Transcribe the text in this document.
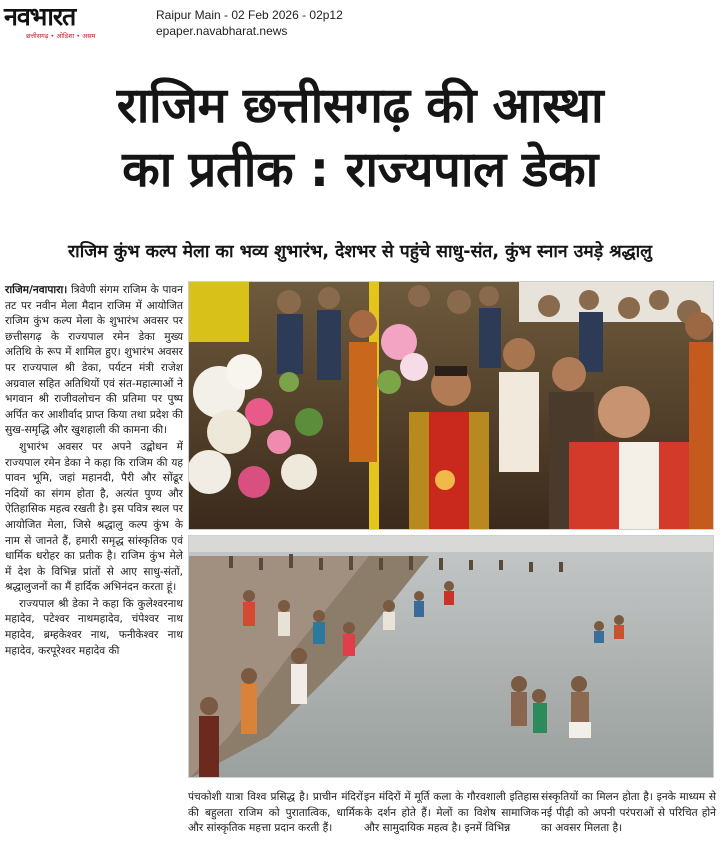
नवभारत
छत्तीसगढ़ • ओडिशा • असम
Raipur Main - 02 Feb 2026 - 02p12
epaper.navabharat.news
राजिम छत्तीसगढ़ की आस्था
का प्रतीक : राज्यपाल डेका
राजिम कुंभ कल्प मेला का भव्य शुभारंभ, देशभर से पहुंचे साधु-संत, कुंभ स्नान उमड़े श्रद्धालु

राजिम/नवापारा। त्रिवेणी संगम राजिम के पावन तट पर नवीन मेला मैदान राजिम में आयोजित राजिम कुंभ कल्प मेला के शुभारंभ अवसर पर छत्तीसगढ़ के राज्यपाल रमेन डेका मुख्य अतिथि के रूप में शामिल हुए। शुभारंभ अवसर पर राज्यपाल श्री डेका, पर्यटन मंत्री राजेश अग्रवाल सहित अतिथियों एवं संत-महात्माओं ने भगवान श्री राजीवलोचन की प्रतिमा पर पुष्प अर्पित कर आशीर्वाद प्राप्त किया तथा प्रदेश की सुख-समृद्धि और खुशहाली की कामना की।

शुभारंभ अवसर पर अपने उद्बोधन में राज्यपाल रमेन डेका ने कहा कि राजिम की यह पावन भूमि, जहां महानदी, पैरी और सोंढूर नदियों का संगम होता है, अत्यंत पुण्य और ऐतिहासिक महत्व रखती है। इस पवित्र स्थल पर आयोजित मेला, जिसे श्रद्धालु कल्प कुंभ के नाम से जानते हैं, हमारी समृद्ध सांस्कृतिक एवं धार्मिक धरोहर का प्रतीक है। राजिम कुंभ मेले में देश के विभिन्न प्रांतों से आए साधु-संतों, श्रद्धालुजनों का मैं हार्दिक अभिनंदन करता हूं।

राज्यपाल श्री डेका ने कहा कि कुलेश्वरनाथ महादेव, पटेश्वर नाथमहादेव, चंपेश्वर नाथ महादेव, ब्रम्हकेश्वर नाथ, फनीकेश्वर नाथ महादेव, करपूरेश्वर महादेव की

पंचकोशी यात्रा विश्व प्रसिद्ध है। प्राचीन मंदिरों की बहुलता राजिम को पुरातात्विक, धार्मिक और सांस्कृतिक महत्ता प्रदान करती हैं।
इन मंदिरों में मूर्ति कला के गौरवशाली इतिहास के दर्शन होते हैं। मेलों का विशेष सामाजिक और सामुदायिक महत्व है। इनमें विभिन्न
संस्कृतियों का मिलन होता है। इनके माध्यम से नई पीढ़ी को अपनी परंपराओं से परिचित होने का अवसर मिलता है।
